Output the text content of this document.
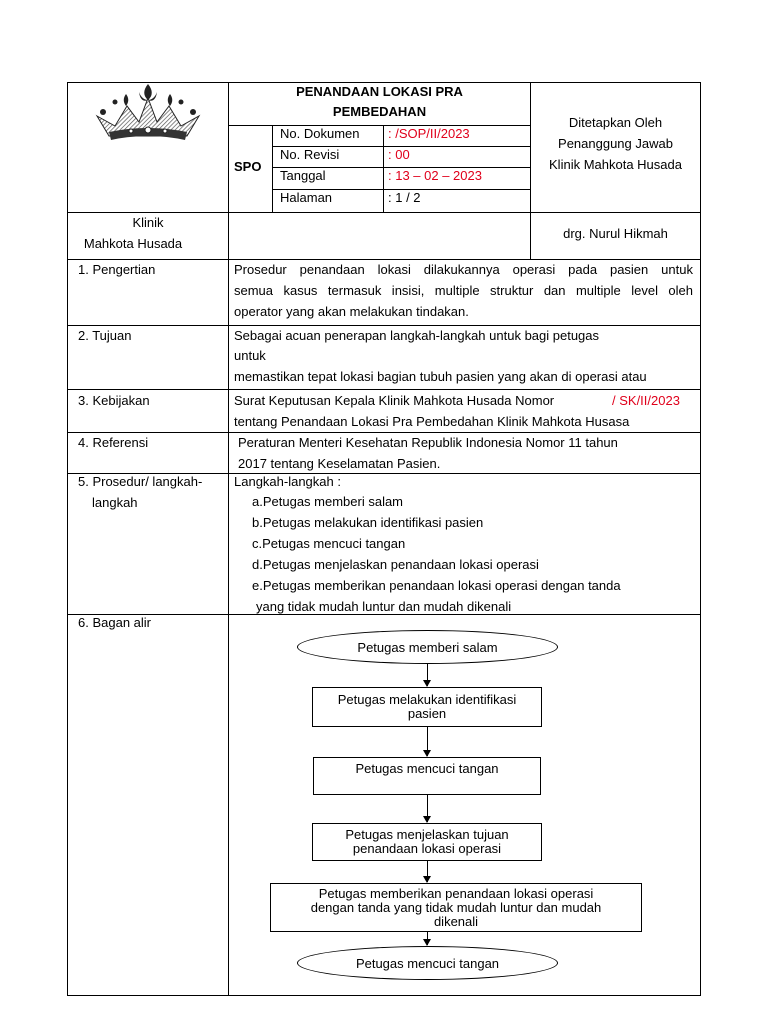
PENANDAAN LOKASI PRA
PEMBEDAHAN
SPO
No. Dokumen : /SOP/II/2023
No. Revisi	: 00
Tanggal	: 13 – 02 – 2023
Halaman	: 1 / 2
Ditetapkan Oleh
Penanggung Jawab
Klinik Mahkota Husada
Klinik
Mahkota Husada
drg. Nurul Hikmah
1. Pengertian	Prosedur penandaan lokasi dilakukannya operasi pada pasien untuk
semua kasus termasuk insisi, multiple struktur dan multiple level oleh
operator yang akan melakukan tindakan.
2. Tujuan	Sebagai acuan penerapan langkah-langkah untuk bagi petugas
untuk
memastikan tepat lokasi bagian tubuh pasien yang akan di operasi atau
3. Kebijakan	Surat Keputusan Kepala Klinik Mahkota Husada Nomor	/ SK/II/2023
tentang Penandaan Lokasi Pra Pembedahan Klinik Mahkota Husasa
4. Referensi	Peraturan Menteri Kesehatan Republik Indonesia Nomor 11 tahun
2017 tentang Keselamatan Pasien.
5. Prosedur/ langkah-
langkah
Langkah-langkah :
a.Petugas memberi salam
b.Petugas melakukan identifikasi pasien
c.Petugas mencuci tangan
d.Petugas menjelaskan penandaan lokasi operasi
e.Petugas memberikan penandaan lokasi operasi dengan tanda
yang tidak mudah luntur dan mudah dikenali
6. Bagan alir
Petugas memberi salam
Petugas melakukan identifikasi
pasien
Petugas mencuci tangan
Petugas menjelaskan tujuan
penandaan lokasi operasi
Petugas memberikan penandaan lokasi operasi
dengan tanda yang tidak mudah luntur dan mudah
dikenali
Petugas mencuci tangan
